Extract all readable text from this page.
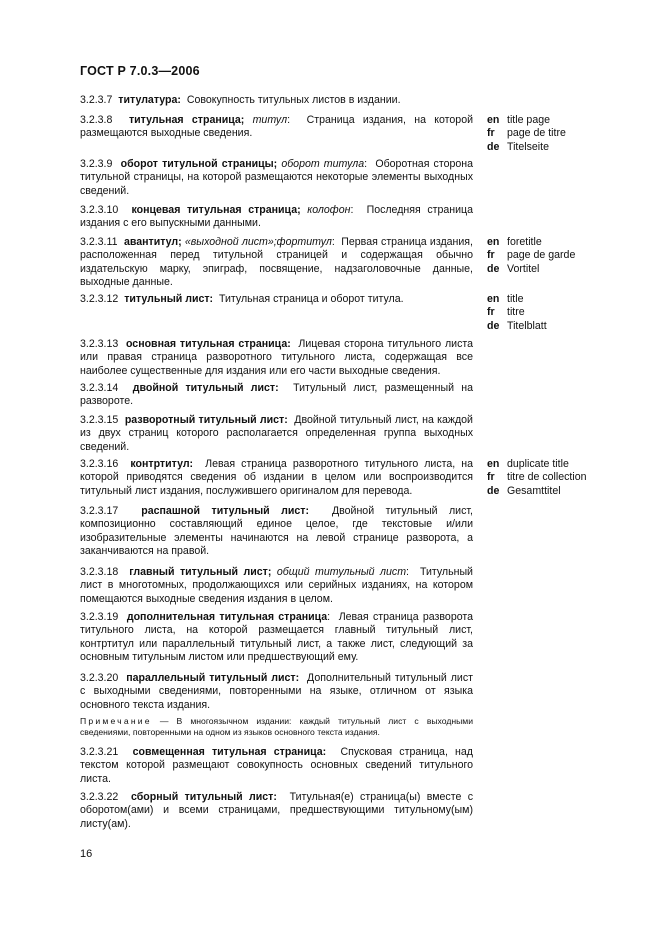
ГОСТ Р 7.0.3—2006
3.2.3.7 титулатура: Совокупность титульных листов в издании.
3.2.3.8 титульная страница; титул:  Страница издания, на которой размещаются выходные сведения.
3.2.3.9 оборот титульной страницы; оборот титула:  Оборотная сторона титульной страницы, на которой размещаются некоторые элементы выходных сведений.
3.2.3.10 концевая титульная страница; колофон:  Последняя страница издания с его выпускными данными.
3.2.3.11 авантитул; «выходной лист»;фортитул:  Первая страница издания, расположенная перед титульной страницей и содержащая обычно издательскую марку, эпиграф, посвящение, надзаголовочные данные, выходные данные.
3.2.3.12 титульный лист: Титульная страница и оборот титула.
3.2.3.13 основная титульная страница: Лицевая сторона титульного листа или правая страница разворотного титульного листа, содержащая все наиболее существенные для издания или его части выходные сведения.
3.2.3.14 двойной титульный лист: Титульный лист, размещенный на развороте.
3.2.3.15 разворотный титульный лист: Двойной титульный лист, на каждой из двух страниц которого располагается определенная группа выходных сведений.
3.2.3.16 контртитул: Левая страница разворотного титульного листа, на которой приводятся сведения об издании в целом или воспроизводится титульный лист издания, послужившего оригиналом для перевода.
3.2.3.17 распашной титульный лист: Двойной титульный лист, композиционно составляющий единое целое, где текстовые и/или изобразительные элементы начинаются на левой странице разворота, а заканчиваются на правой.
3.2.3.18 главный титульный лист; общий титульный лист:  Титульный лист в многотомных, продолжающихся или серийных изданиях, на котором помещаются выходные сведения издания в целом.
3.2.3.19 дополнительная титульная страница:  Левая страница разворота титульного листа, на которой размещается главный титульный лист, контртитул или параллельный титульный лист, а также лист, следующий за основным титульным листом или предшествующий ему.
3.2.3.20 параллельный титульный лист: Дополнительный титульный лист с выходными сведениями, повторенными на языке, отличном от языка основного текста издания.
Примечание — В многоязычном издании: каждый титульный лист с выходными сведениями, повторенными на одном из языков основного текста издания.
3.2.3.21 совмещенная титульная страница: Спусковая страница, над текстом которой размещают совокупность основных сведений титульного листа.
3.2.3.22 сборный титульный лист: Титульная(е) страница(ы) вместе с оборотом(ами) и всеми страницами, предшествующими титульному(ым) листу(ам).
en title page
fr page de titre
de Titelseite
en foretitle
fr page de garde
de Vortitel
en title
fr titre
de Titelblatt
en duplicate title
fr titre de collection
de Gesamttitel
16
